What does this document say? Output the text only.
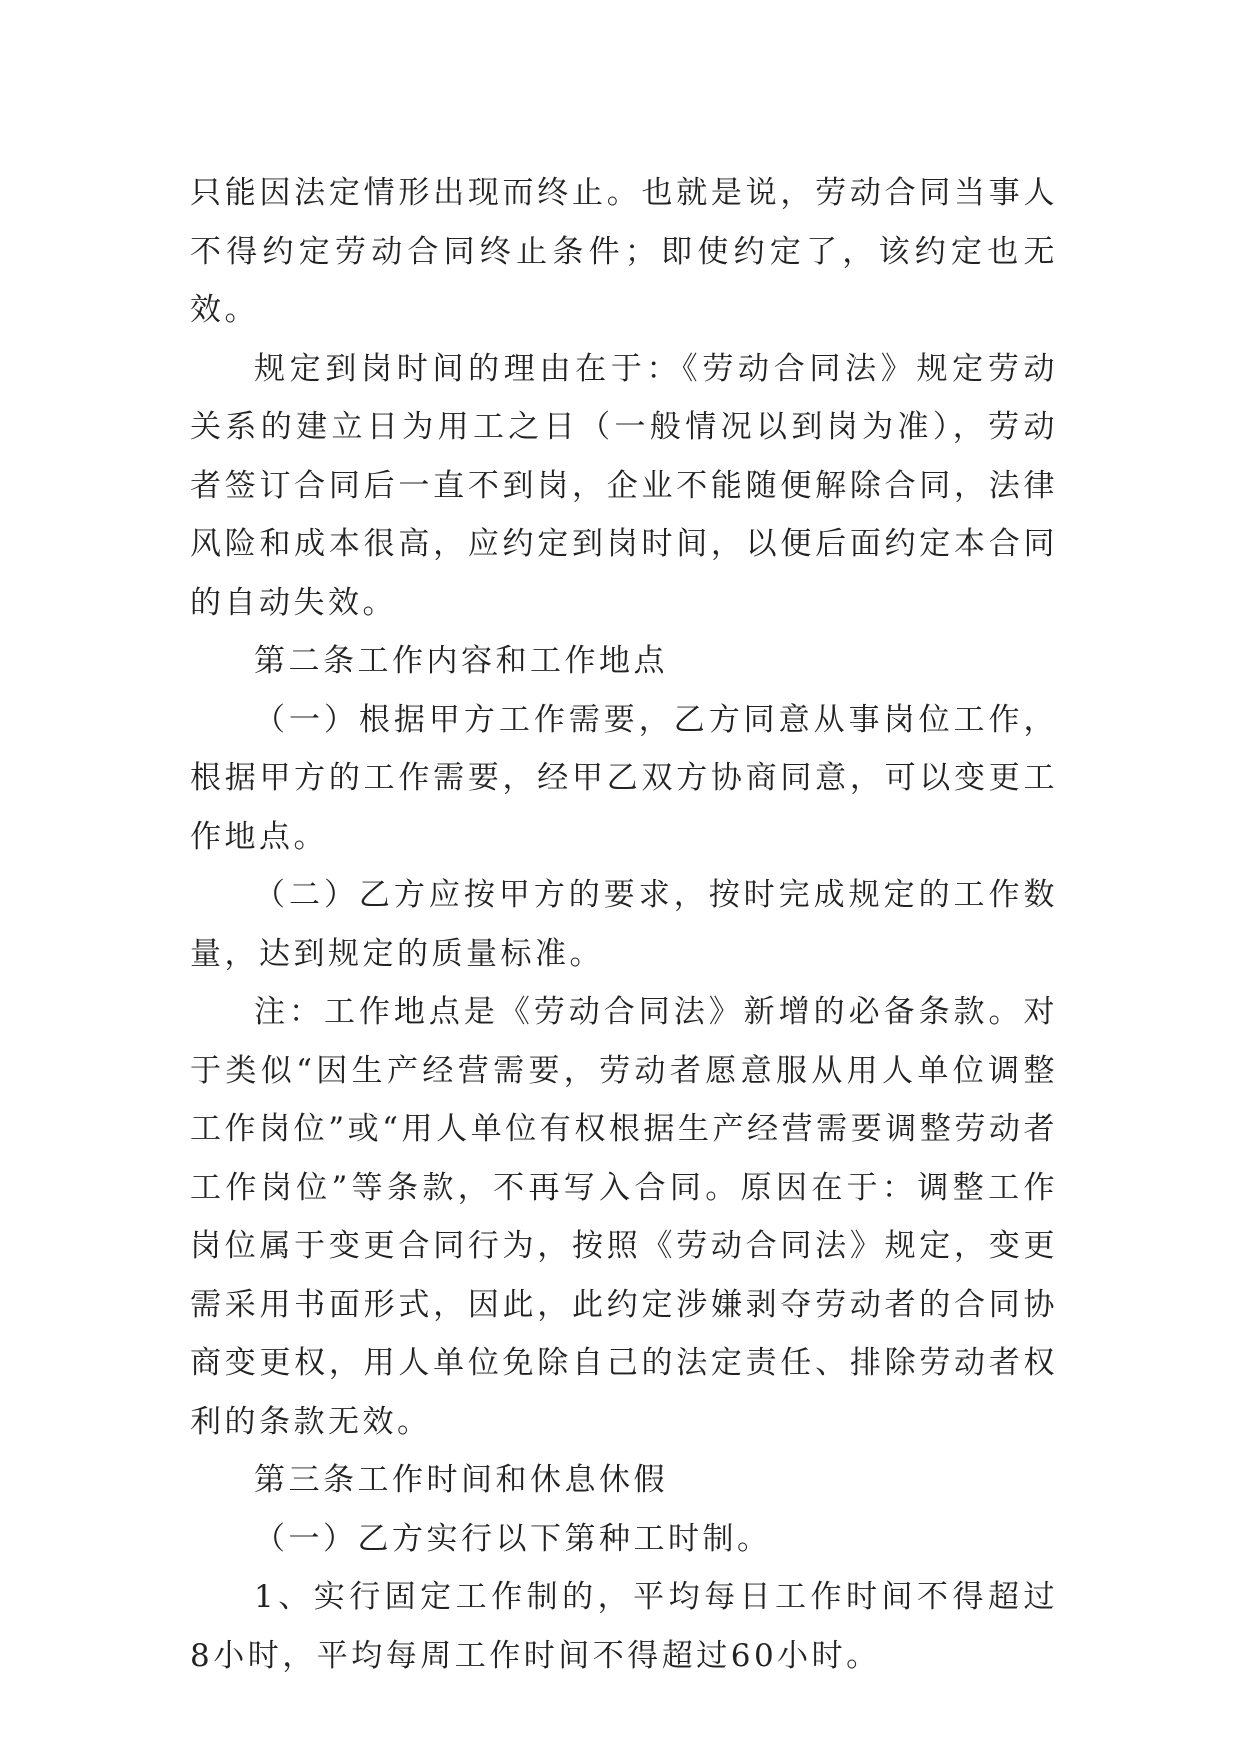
只能因法定情形出现而终止。也就是说，劳动合同当事人不得约定劳动合同终止条件；即使约定了，该约定也无效。

规定到岗时间的理由在于：《劳动合同法》规定劳动关系的建立日为用工之日（一般情况以到岗为准），劳动者签订合同后一直不到岗，企业不能随便解除合同，法律风险和成本很高，应约定到岗时间，以便后面约定本合同的自动失效。

第二条工作内容和工作地点

（一）根据甲方工作需要，乙方同意从事岗位工作，根据甲方的工作需要，经甲乙双方协商同意，可以变更工作地点。

（二）乙方应按甲方的要求，按时完成规定的工作数量，达到规定的质量标准。

注：工作地点是《劳动合同法》新增的必备条款。对于类似“因生产经营需要，劳动者愿意服从用人单位调整工作岗位”或“用人单位有权根据生产经营需要调整劳动者工作岗位”等条款，不再写入合同。原因在于：调整工作岗位属于变更合同行为，按照《劳动合同法》规定，变更需采用书面形式，因此，此约定涉嫌剥夺劳动者的合同协商变更权，用人单位免除自己的法定责任、排除劳动者权利的条款无效。

第三条工作时间和休息休假

（一）乙方实行以下第种工时制。

1、实行固定工作制的，平均每日工作时间不得超过8小时，平均每周工作时间不得超过60小时。
